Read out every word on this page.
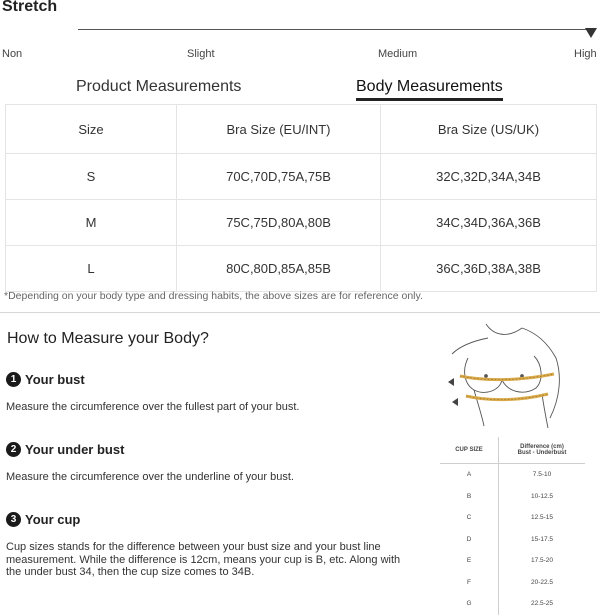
Stretch
Non	Slight	Medium	High
Product Measurements	Body Measurements
Size	Bra Size (EU/INT)	Bra Size (US/UK)
S	70C,70D,75A,75B	32C,32D,34A,34B
M	75C,75D,80A,80B	34C,34D,36A,36B
L	80C,80D,85A,85B	36C,36D,38A,38B
*Depending on your body type and dressing habits, the above sizes are for reference only.
How to Measure your Body?
1 Your bust
Measure the circumference over the fullest part of your bust.
2 Your under bust
Measure the circumference over the underline of your bust.
3 Your cup
Cup sizes stands for the difference between your bust size and your bust line measurement. While the difference is 12cm, means your cup is B, etc. Along with the under bust 34, then the cup size comes to 34B.
CUP SIZE	Difference (cm)
Bust - Underbust

A	7.5-10
B	10-12.5
C	12.5-15
D	15-17.5
E	17.5-20
F	20-22.5
G	22.5-25
